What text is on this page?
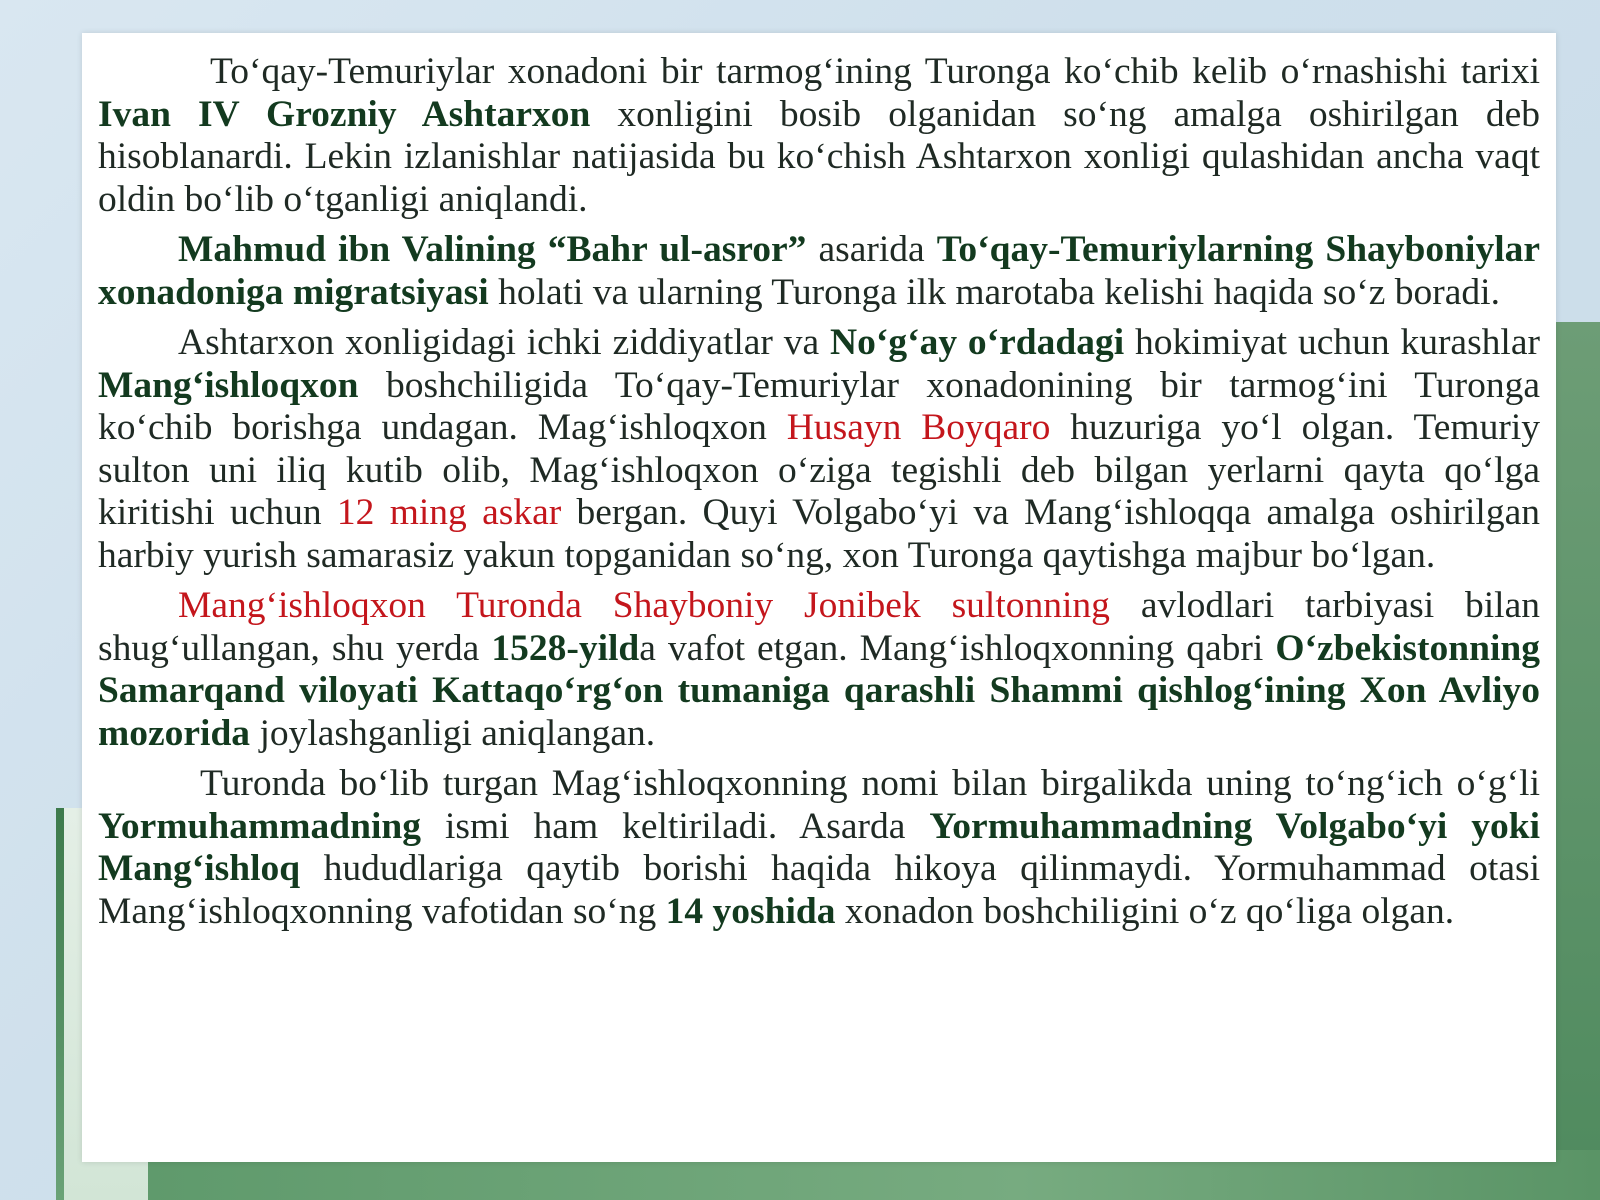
To‘qay-Temuriylar xonadoni bir tarmog‘ining Turonga ko‘chib kelib o‘rnashishi tarixi Ivan IV Grozniy Ashtarxon xonligini bosib olganidan so‘ng amalga oshirilgan deb hisoblanardi. Lekin izlanishlar natijasida bu ko‘chish Ashtarxon xonligi qulashidan ancha vaqt oldin bo‘lib o‘tganligi aniqlandi.

Mahmud ibn Valining “Bahr ul-asror” asarida To‘qay-Temuriylarning Shayboniylar xonadoniga migratsiyasi holati va ularning Turonga ilk marotaba kelishi haqida so‘z boradi.

Ashtarxon xonligidagi ichki ziddiyatlar va No‘g‘ay o‘rdadagi hokimiyat uchun kurashlar Mang‘ishloqxon boshchiligida To‘qay-Temuriylar xonadonining bir tarmog‘ini Turonga ko‘chib borishga undagan. Mag‘ishloqxon Husayn Boyqaro huzuriga yo‘l olgan. Temuriy sulton uni iliq kutib olib, Mag‘ishloqxon o‘ziga tegishli deb bilgan yerlarni qayta qo‘lga kiritishi uchun 12 ming askar bergan. Quyi Volgabo‘yi va Mang‘ishloqqa amalga oshirilgan harbiy yurish samarasiz yakun topganidan so‘ng, xon Turonga qaytishga majbur bo‘lgan.

Mang‘ishloqxon Turonda Shayboniy Jonibek sultonning avlodlari tarbiyasi bilan shug‘ullangan, shu yerda 1528-yilda vafot etgan. Mang‘ishloqxonning qabri O‘zbekistonning Samarqand viloyati Kattaqo‘rg‘on tumaniga qarashli Shammi qishlog‘ining Xon Avliyo mozorida joylashganligi aniqlangan.

Turonda bo‘lib turgan Mag‘ishloqxonning nomi bilan birgalikda uning to‘ng‘ich o‘g‘li Yormuhammadning ismi ham keltiriladi. Asarda Yormuhammadning Volgabo‘yi yoki Mang‘ishloq hududlariga qaytib borishi haqida hikoya qilinmaydi. Yormuhammad otasi Mang‘ishloqxonning vafotidan so‘ng 14 yoshida xonadon boshchiligini o‘z qo‘liga olgan.
